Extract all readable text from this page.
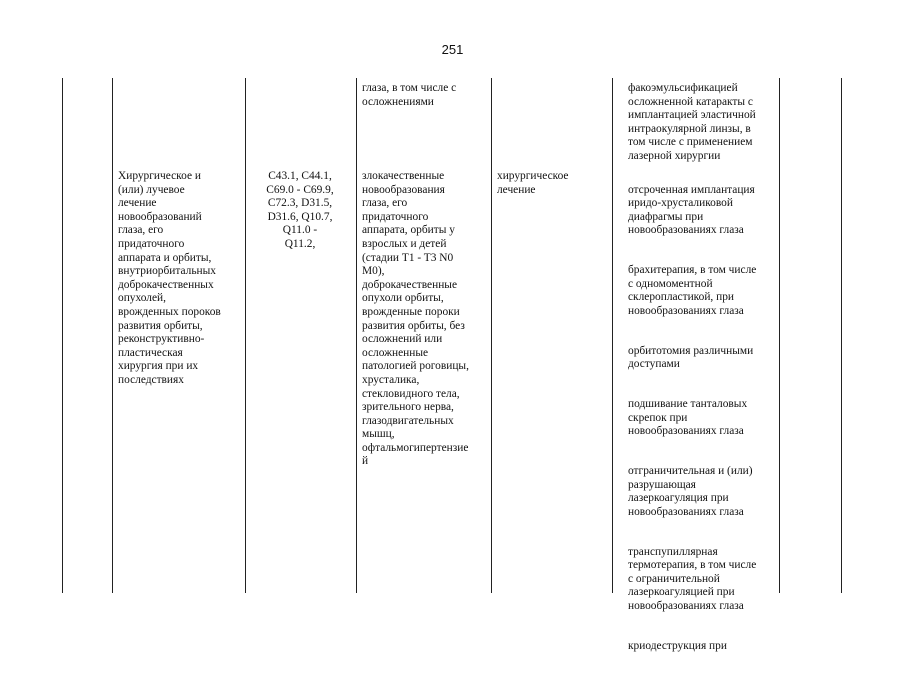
251
глаза, в том числе с
осложнениями
Хирургическое и
(или) лучевое
лечение
новообразований
глаза, его
придаточного
аппарата и орбиты,
внутриорбитальных
доброкачественных
опухолей,
врожденных пороков
развития орбиты,
реконструктивно-
пластическая
хирургия при их
последствиях
C43.1, C44.1,
C69.0 - C69.9,
C72.3, D31.5,
D31.6, Q10.7,
Q11.0 -
Q11.2,
злокачественные
новообразования
глаза, его
придаточного
аппарата, орбиты у
взрослых и детей
(стадии T1 - T3 N0
M0),
доброкачественные
опухоли орбиты,
врожденные пороки
развития орбиты, без
осложнений или
осложненные
патологией роговицы,
хрусталика,
стекловидного тела,
зрительного нерва,
глазодвигательных
мышц,
офтальмогипертензие
й
хирургическое
лечение
факоэмульсификацией
осложненной катаракты с
имплантацией эластичной
интраокулярной линзы, в
том числе с применением
лазерной хирургии

отсроченная имплантация
иридо-хрусталиковой
диафрагмы при
новообразованиях глаза

брахитерапия, в том числе
с одномоментной
склеропластикой, при
новообразованиях глаза

орбитотомия различными
доступами

подшивание танталовых
скрепок при
новообразованиях глаза

отграничительная и (или)
разрушающая
лазеркоагуляция при
новообразованиях глаза

транспупиллярная
термотерапия, в том числе
с ограничительной
лазеркоагуляцией при
новообразованиях глаза

криодеструкция при
